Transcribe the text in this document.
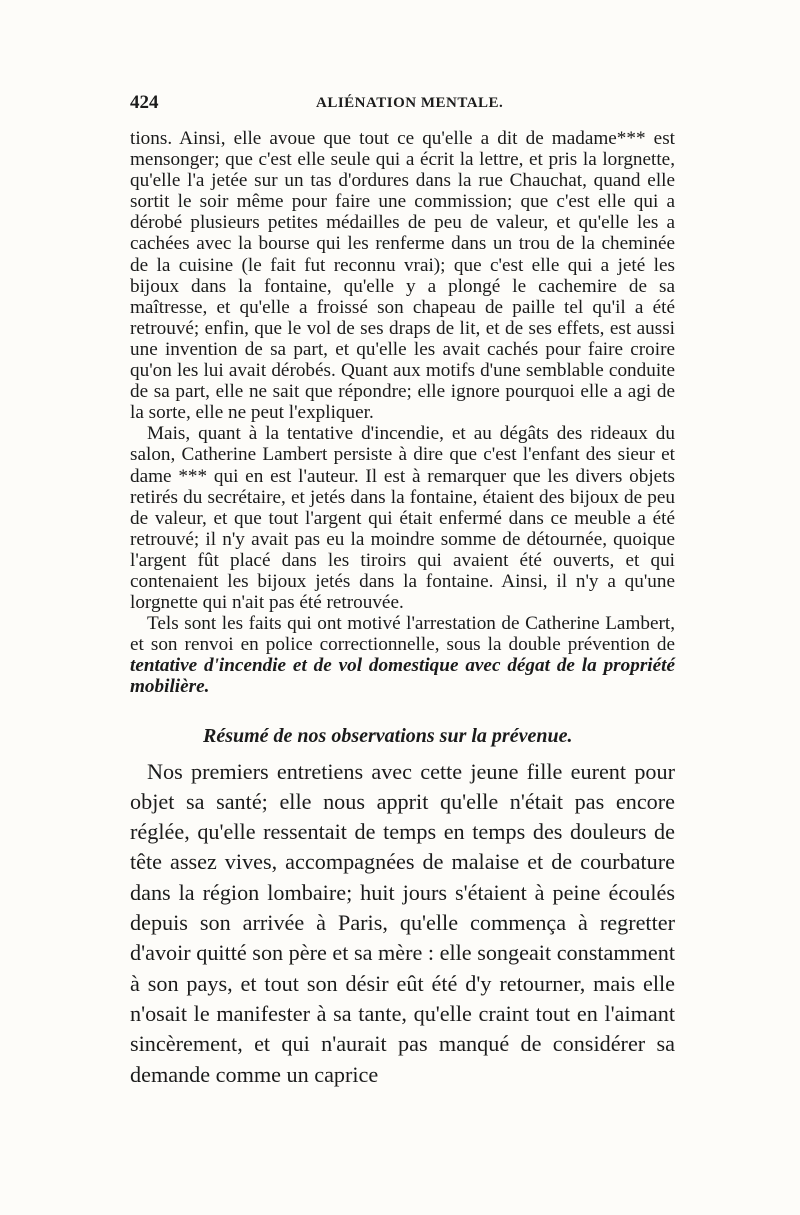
424	ALIÉNATION MENTALE.

tions. Ainsi, elle avoue que tout ce qu'elle a dit de madame*** est mensonger; que c'est elle seule qui a écrit la lettre, et pris la lorgnette, qu'elle l'a jetée sur un tas d'ordures dans la rue Chauchat, quand elle sortit le soir même pour faire une commission; que c'est elle qui a dérobé plusieurs petites médailles de peu de valeur, et qu'elle les a cachées avec la bourse qui les renferme dans un trou de la cheminée de la cuisine (le fait fut reconnu vrai); que c'est elle qui a jeté les bijoux dans la fontaine, qu'elle y a plongé le cachemire de sa maîtresse, et qu'elle a froissé son chapeau de paille tel qu'il a été retrouvé; enfin, que le vol de ses draps de lit, et de ses effets, est aussi une invention de sa part, et qu'elle les avait cachés pour faire croire qu'on les lui avait dérobés. Quant aux motifs d'une semblable conduite de sa part, elle ne sait que répondre; elle ignore pourquoi elle a agi de la sorte, elle ne peut l'expliquer.

Mais, quant à la tentative d'incendie, et au dégâts des rideaux du salon, Catherine Lambert persiste à dire que c'est l'enfant des sieur et dame *** qui en est l'auteur. Il est à remarquer que les divers objets retirés du secrétaire, et jetés dans la fontaine, étaient des bijoux de peu de valeur, et que tout l'argent qui était enfermé dans ce meuble a été retrouvé; il n'y avait pas eu la moindre somme de détournée, quoique l'argent fût placé dans les tiroirs qui avaient été ouverts, et qui contenaient les bijoux jetés dans la fontaine. Ainsi, il n'y a qu'une lorgnette qui n'ait pas été retrouvée.

Tels sont les faits qui ont motivé l'arrestation de Catherine Lambert, et son renvoi en police correctionnelle, sous la double prévention de tentative d'incendie et de vol domestique avec dégat de la propriété mobilière.

Résumé de nos observations sur la prévenue.

Nos premiers entretiens avec cette jeune fille eurent pour objet sa santé; elle nous apprit qu'elle n'était pas encore réglée, qu'elle ressentait de temps en temps des douleurs de tête assez vives, accompagnées de malaise et de courbature dans la région lombaire; huit jours s'étaient à peine écoulés depuis son arrivée à Paris, qu'elle commença à regretter d'avoir quitté son père et sa mère : elle songeait constamment à son pays, et tout son désir eût été d'y retourner, mais elle n'osait le manifester à sa tante, qu'elle craint tout en l'aimant sincèrement, et qui n'aurait pas manqué de considérer sa demande comme un caprice
